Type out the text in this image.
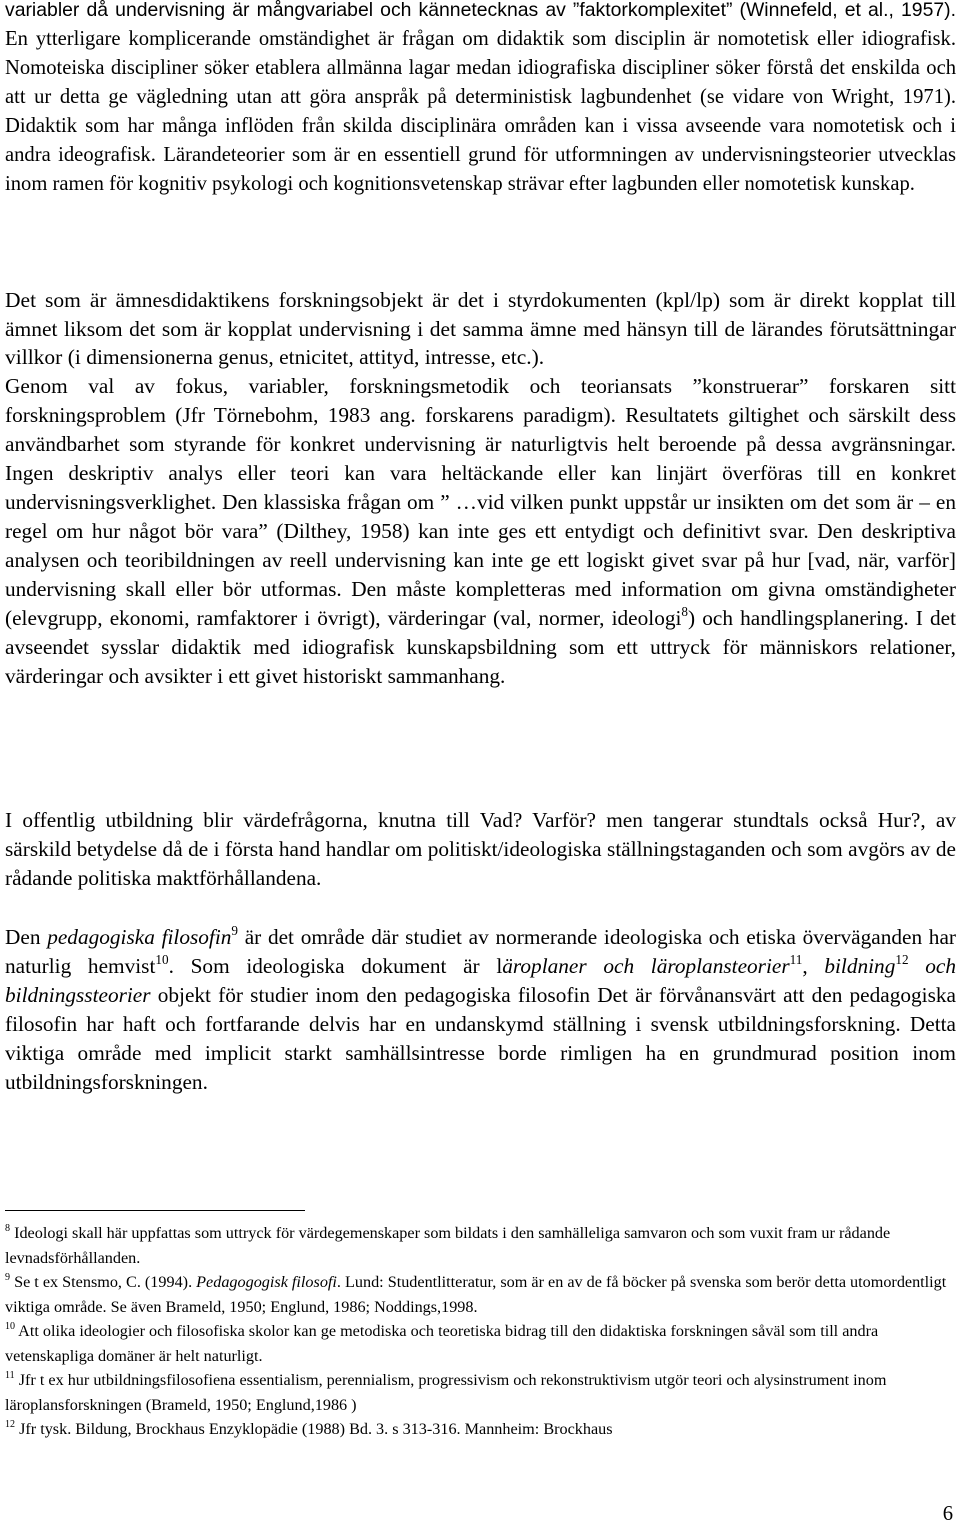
variabler då undervisning är mångvariabel och kännetecknas av ”faktorkomplexitet” (Winnefeld, et al., 1957). En ytterligare komplicerande omständighet är frågan om didaktik som disciplin är nomotetisk eller idiografisk. Nomoteiska discipliner söker etablera allmänna lagar medan idiografiska discipliner söker förstå det enskilda och att ur detta ge vägledning utan att göra anspråk på deterministisk lagbundenhet (se vidare von Wright, 1971). Didaktik som har många inflöden från skilda disciplinära områden kan i vissa avseende vara nomotetisk och i andra ideografisk. Lärandeteorier som är en essentiell grund för utformningen av undervisningsteorier utvecklas inom ramen för kognitiv psykologi och kognitionsvetenskap strävar efter lagbunden eller nomotetisk kunskap.

Det som är ämnesdidaktikens forskningsobjekt är det i styrdokumenten (kpl/lp) som är direkt kopplat till ämnet liksom det som är kopplat undervisning i det samma ämne med hänsyn till de lärandes förutsättningar villkor (i dimensionerna genus, etnicitet, attityd, intresse, etc.).

Genom val av fokus, variabler, forskningsmetodik och teoriansats ”konstruerar” forskaren sitt forskningsproblem (Jfr Törnebohm, 1983 ang. forskarens paradigm). Resultatets giltighet och särskilt dess användbarhet som styrande för konkret undervisning är naturligtvis helt beroende på dessa avgränsningar. Ingen deskriptiv analys eller teori kan vara heltäckande eller kan linjärt överföras till en konkret undervisningsverklighet. Den klassiska frågan om ” …vid vilken punkt uppstår ur insikten om det som är – en regel om hur något bör vara” (Dilthey, 1958) kan inte ges ett entydigt och definitivt svar. Den deskriptiva analysen och teoribildningen av reell undervisning kan inte ge ett logiskt givet svar på hur [vad, när, varför] undervisning skall eller bör utformas. Den måste kompletteras med information om givna omständigheter (elevgrupp, ekonomi, ramfaktorer i övrigt), värderingar (val, normer, ideologi$^8$) och handlingsplanering. I det avseendet sysslar didaktik med idiografisk kunskapsbildning som ett uttryck för människors relationer, värderingar och avsikter i ett givet historiskt sammanhang.

I offentlig utbildning blir värdefrågorna, knutna till Vad? Varför? men tangerar stundtals också Hur?, av särskild betydelse då de i första hand handlar om politiskt/ideologiska ställningstaganden och som avgörs av de rådande politiska maktförhållandena.

Den pedagogiska filosofin$^9$ är det område där studiet av normerande ideologiska och etiska överväganden har naturlig hemvist$^{10}$. Som ideologiska dokument är läroplaner och läroplansteorier$^{11}$, bildning$^{12}$ och bildningssteorier objekt för studier inom den pedagogiska filosofin Det är förvånansvärt att den pedagogiska filosofin har haft och fortfarande delvis har en undanskymd ställning i svensk utbildningsforskning. Detta viktiga område med implicit starkt samhällsintresse borde rimligen ha en grundmurad position inom utbildningsforskningen.

$^8$ Ideologi skall här uppfattas som uttryck för värdegemenskaper som bildats i den samhälleliga samvaron och som vuxit fram ur rådande levnadsförhållanden.

$^9$ Se t ex Stensmo, C. (1994). Pedagogogisk filosofi. Lund: Studentlitteratur, som är en av de få böcker på svenska som berör detta utomordentligt viktiga område. Se även Brameld, 1950; Englund, 1986; Noddings,1998.

$^{10}$ Att olika ideologier och filosofiska skolor kan ge metodiska och teoretiska bidrag till den didaktiska forskningen såväl som till andra vetenskapliga domäner är helt naturligt.

$^{11}$ Jfr t ex hur utbildningsfilosofiena essentialism, perennialism, progressivism och rekonstruktivism utgör teori och alysinstrument inom läroplansforskningen (Brameld, 1950; Englund,1986 )

$^{12}$ Jfr tysk. Bildung, Brockhaus Enzyklopädie (1988) Bd. 3. s 313-316. Mannheim: Brockhaus

6
